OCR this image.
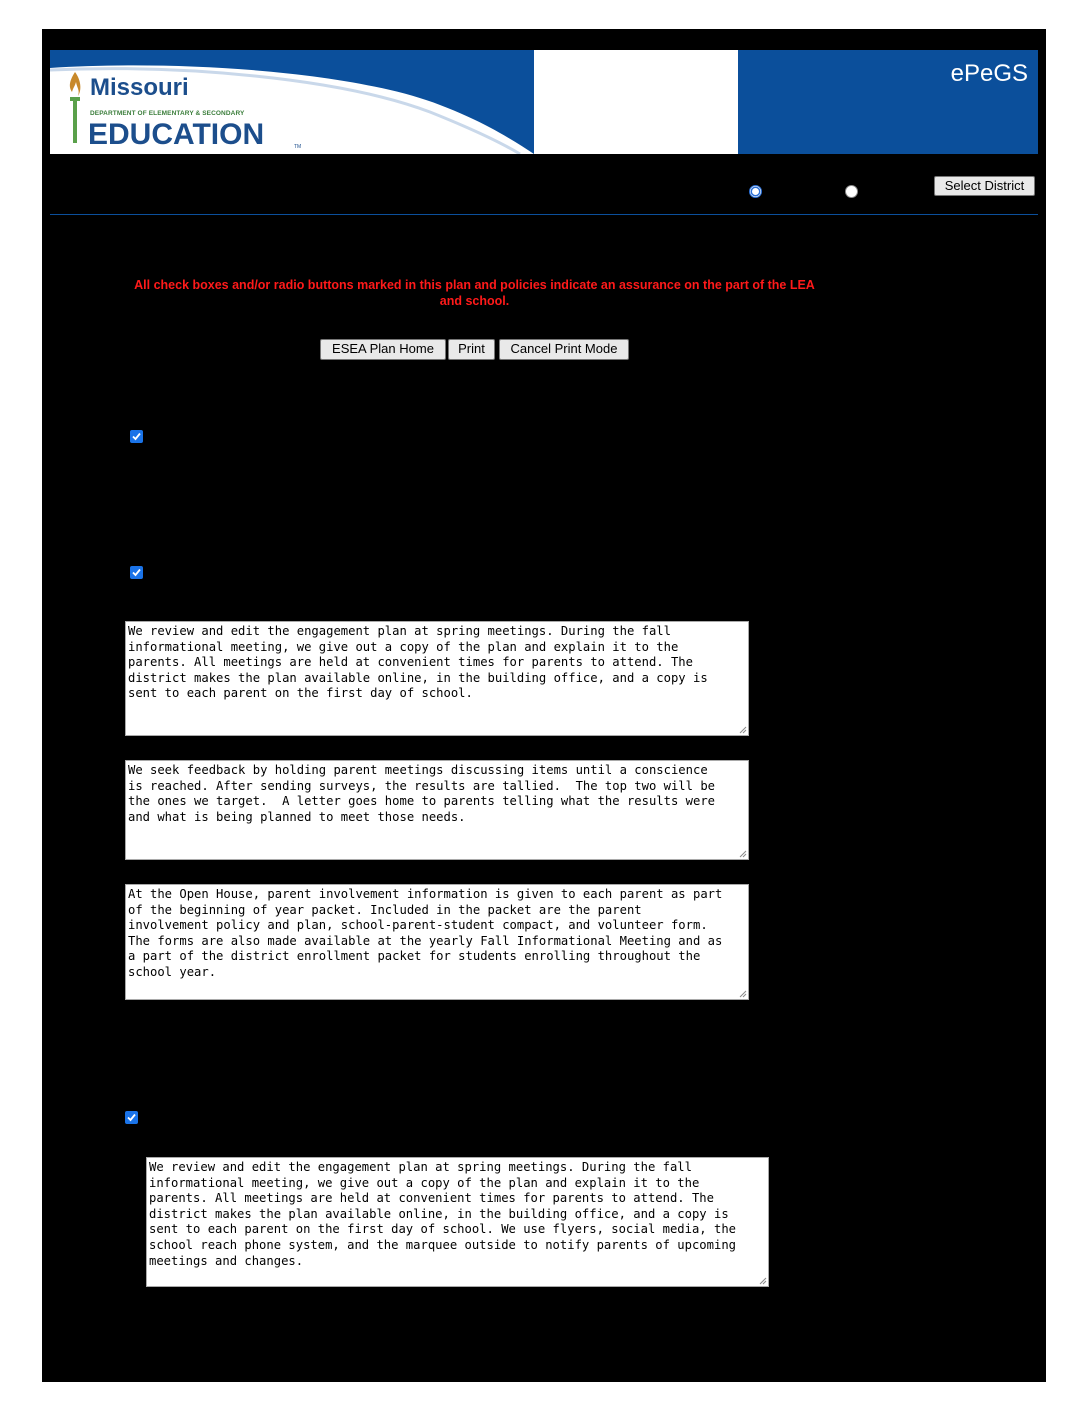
Missouri
DEPARTMENT OF ELEMENTARY & SECONDARY
EDUCATION	TM
ePeGS
Select District
All check boxes and/or radio buttons marked in this plan and policies indicate an assurance on the part of the LEA and school.
ESEA Plan Home	Print	Cancel Print Mode
We review and edit the engagement plan at spring meetings. During the fall
informational meeting, we give out a copy of the plan and explain it to the
parents. All meetings are held at convenient times for parents to attend. The
district makes the plan available online, in the building office, and a copy is
sent to each parent on the first day of school.
We seek feedback by holding parent meetings discussing items until a conscience
is reached. After sending surveys, the results are tallied.  The top two will be
the ones we target.  A letter goes home to parents telling what the results were
and what is being planned to meet those needs.
At the Open House, parent involvement information is given to each parent as part
of the beginning of year packet. Included in the packet are the parent
involvement policy and plan, school-parent-student compact, and volunteer form.
The forms are also made available at the yearly Fall Informational Meeting and as
a part of the district enrollment packet for students enrolling throughout the
school year.
We review and edit the engagement plan at spring meetings. During the fall
informational meeting, we give out a copy of the plan and explain it to the
parents. All meetings are held at convenient times for parents to attend. The
district makes the plan available online, in the building office, and a copy is
sent to each parent on the first day of school. We use flyers, social media, the
school reach phone system, and the marquee outside to notify parents of upcoming
meetings and changes.
